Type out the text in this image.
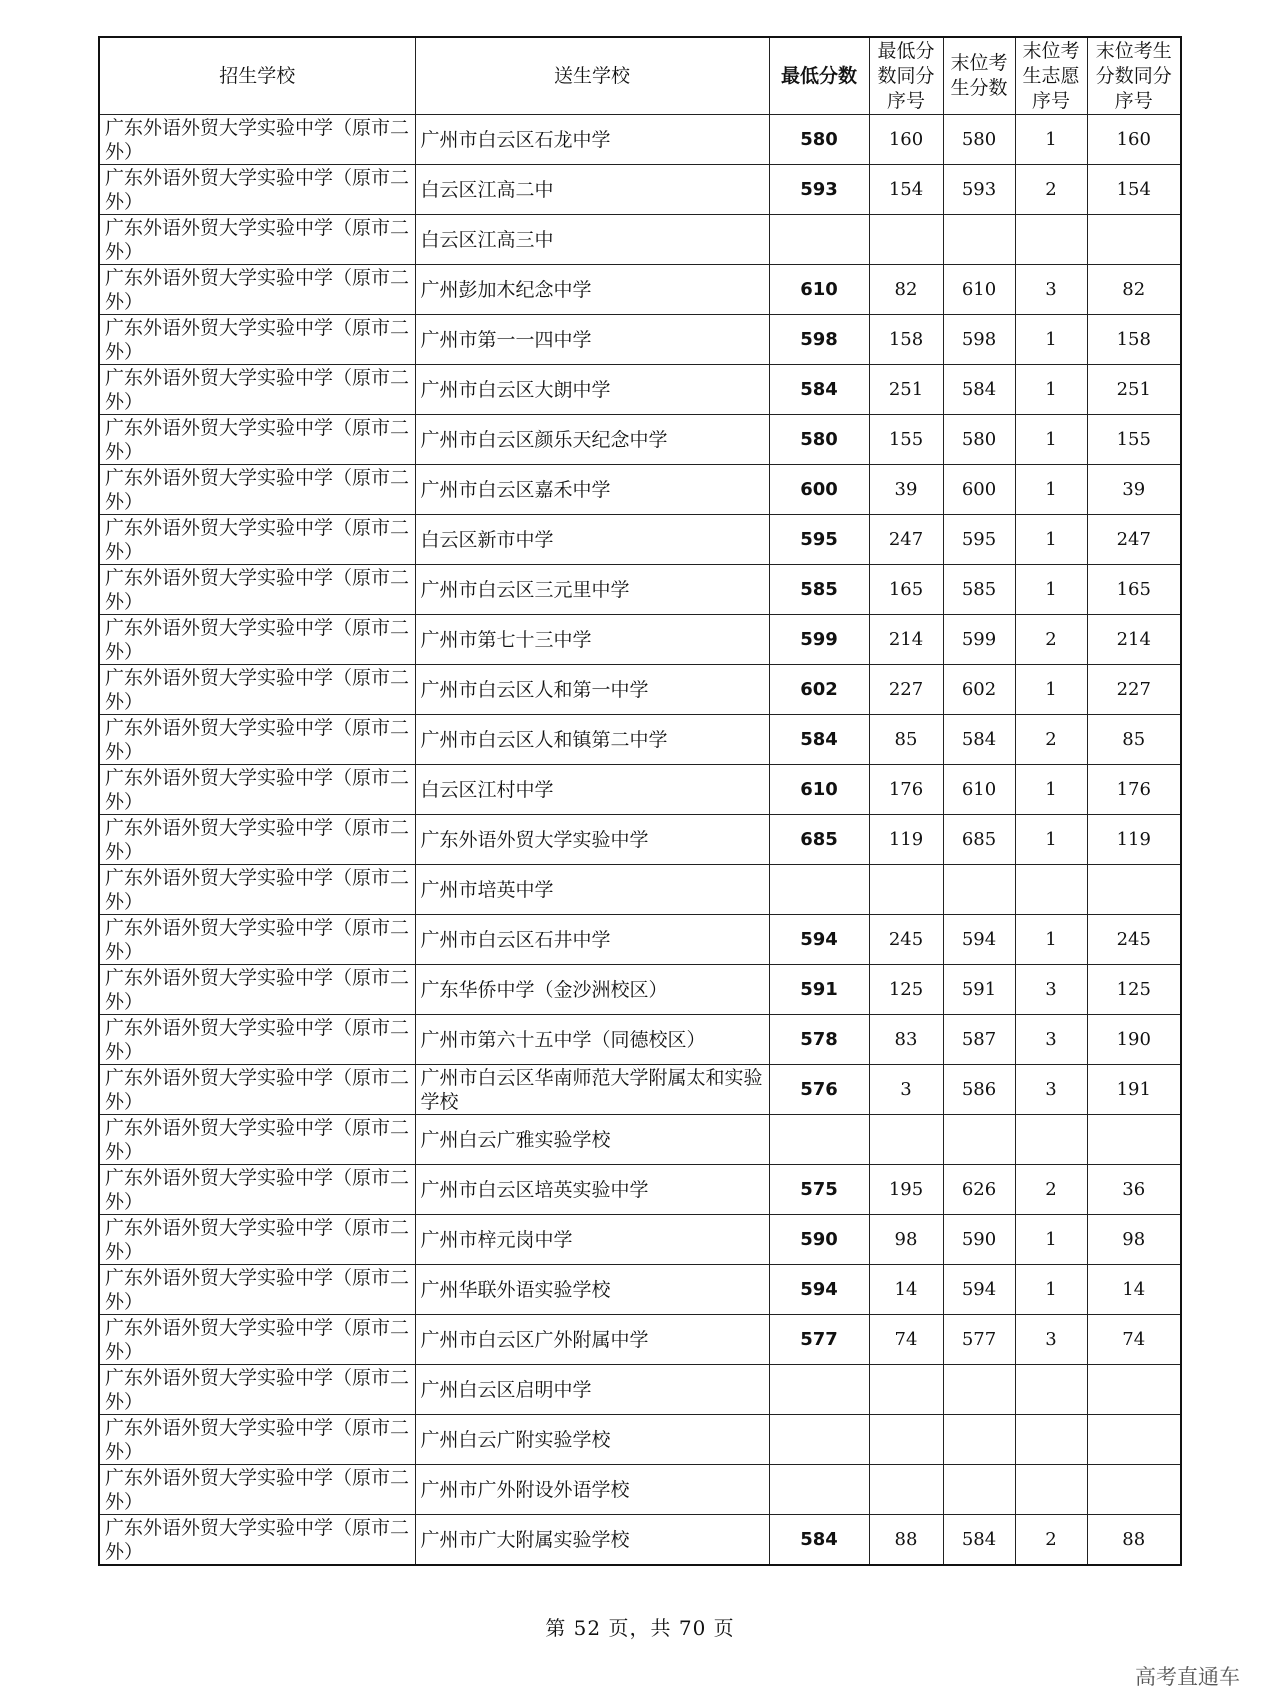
招生学校	送生学校	最低分数	最低分数同分序号	末位考生分数	末位考生志愿序号	末位考生分数同分序号
广东外语外贸大学实验中学（原市二外）	广州市白云区石龙中学	580	160	580	1	160
广东外语外贸大学实验中学（原市二外）	白云区江高二中	593	154	593	2	154
广东外语外贸大学实验中学（原市二外）	白云区江高三中					
广东外语外贸大学实验中学（原市二外）	广州彭加木纪念中学	610	82	610	3	82
广东外语外贸大学实验中学（原市二外）	广州市第一一四中学	598	158	598	1	158
广东外语外贸大学实验中学（原市二外）	广州市白云区大朗中学	584	251	584	1	251
广东外语外贸大学实验中学（原市二外）	广州市白云区颜乐天纪念中学	580	155	580	1	155
广东外语外贸大学实验中学（原市二外）	广州市白云区嘉禾中学	600	39	600	1	39
广东外语外贸大学实验中学（原市二外）	白云区新市中学	595	247	595	1	247
广东外语外贸大学实验中学（原市二外）	广州市白云区三元里中学	585	165	585	1	165
广东外语外贸大学实验中学（原市二外）	广州市第七十三中学	599	214	599	2	214
广东外语外贸大学实验中学（原市二外）	广州市白云区人和第一中学	602	227	602	1	227
广东外语外贸大学实验中学（原市二外）	广州市白云区人和镇第二中学	584	85	584	2	85
广东外语外贸大学实验中学（原市二外）	白云区江村中学	610	176	610	1	176
广东外语外贸大学实验中学（原市二外）	广东外语外贸大学实验中学	685	119	685	1	119
广东外语外贸大学实验中学（原市二外）	广州市培英中学					
广东外语外贸大学实验中学（原市二外）	广州市白云区石井中学	594	245	594	1	245
广东外语外贸大学实验中学（原市二外）	广东华侨中学（金沙洲校区）	591	125	591	3	125
广东外语外贸大学实验中学（原市二外）	广州市第六十五中学（同德校区）	578	83	587	3	190
广东外语外贸大学实验中学（原市二外）	广州市白云区华南师范大学附属太和实验学校	576	3	586	3	191
广东外语外贸大学实验中学（原市二外）	广州白云广雅实验学校					
广东外语外贸大学实验中学（原市二外）	广州市白云区培英实验中学	575	195	626	2	36
广东外语外贸大学实验中学（原市二外）	广州市梓元岗中学	590	98	590	1	98
广东外语外贸大学实验中学（原市二外）	广州华联外语实验学校	594	14	594	1	14
广东外语外贸大学实验中学（原市二外）	广州市白云区广外附属中学	577	74	577	3	74
广东外语外贸大学实验中学（原市二外）	广州白云区启明中学					
广东外语外贸大学实验中学（原市二外）	广州白云广附实验学校					
广东外语外贸大学实验中学（原市二外）	广州市广外附设外语学校					
广东外语外贸大学实验中学（原市二外）	广州市广大附属实验学校	584	88	584	2	88
第 52 页，共 70 页
高考直通车
